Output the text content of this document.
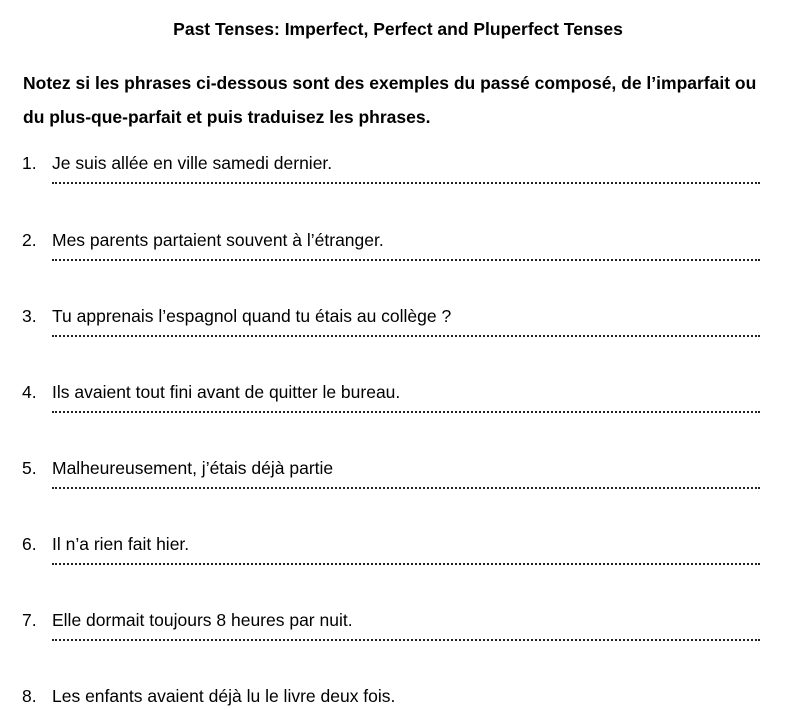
Past Tenses: Imperfect, Perfect and Pluperfect Tenses
Notez si les phrases ci-dessous sont des exemples du passé composé, de l’imparfait ou du plus-que-parfait et puis traduisez les phrases.
1. Je suis allée en ville samedi dernier.
2. Mes parents partaient souvent à l’étranger.
3. Tu apprenais l’espagnol quand tu étais au collège ?
4. Ils avaient tout fini avant de quitter le bureau.
5. Malheureusement, j’étais déjà partie
6. Il n’a rien fait hier.
7. Elle dormait toujours 8 heures par nuit.
8. Les enfants avaient déjà lu le livre deux fois.
